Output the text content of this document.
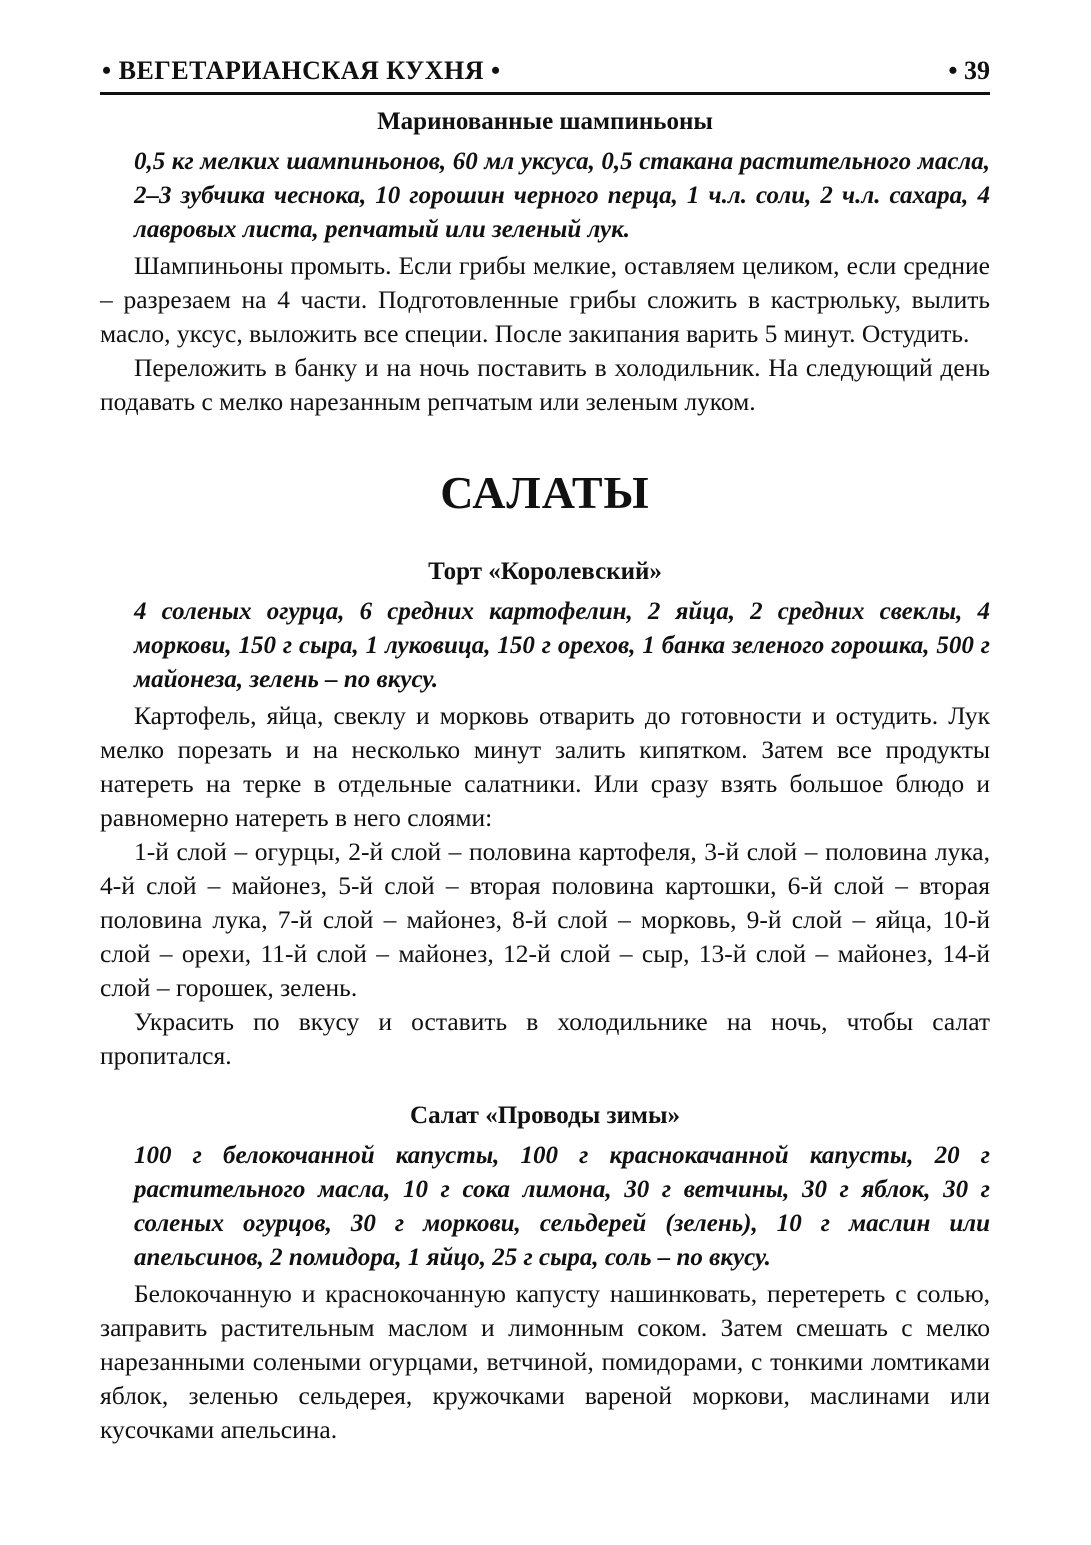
• ВЕГЕТАРИАНСКАЯ КУХНЯ •	• 39

Маринованные шампиньоны

0,5 кг мелких шампиньонов, 60 мл уксуса, 0,5 стакана растительного масла, 2–3 зубчика чеснока, 10 горошин черного перца, 1 ч.л. соли, 2 ч.л. сахара, 4 лавровых листа, репчатый или зеленый лук.

Шампиньоны промыть. Если грибы мелкие, оставляем целиком, если средние – разрезаем на 4 части. Подготовленные грибы сложить в кастрюльку, вылить масло, уксус, выложить все специи. После закипания варить 5 минут. Остудить.

Переложить в банку и на ночь поставить в холодильник. На следующий день подавать с мелко нарезанным репчатым или зеленым луком.

САЛАТЫ

Торт «Королевский»

4 соленых огурца, 6 средних картофелин, 2 яйца, 2 средних свеклы, 4 моркови, 150 г сыра, 1 луковица, 150 г орехов, 1 банка зеленого горошка, 500 г майонеза, зелень – по вкусу.

Картофель, яйца, свеклу и морковь отварить до готовности и остудить. Лук мелко порезать и на несколько минут залить кипятком. Затем все продукты натереть на терке в отдельные салатники. Или сразу взять большое блюдо и равномерно натереть в него слоями:

1-й слой – огурцы, 2-й слой – половина картофеля, 3-й слой – половина лука, 4-й слой – майонез, 5-й слой – вторая половина картошки, 6-й слой – вторая половина лука, 7-й слой – майонез, 8-й слой – морковь, 9-й слой – яйца, 10-й слой – орехи, 11-й слой – майонез, 12-й слой – сыр, 13-й слой – майонез, 14-й слой – горошек, зелень.

Украсить по вкусу и оставить в холодильнике на ночь, чтобы салат пропитался.

Салат «Проводы зимы»

100 г белокочанной капусты, 100 г краснокачанной капусты, 20 г растительного масла, 10 г сока лимона, 30 г ветчины, 30 г яблок, 30 г соленых огурцов, 30 г моркови, сельдерей (зелень), 10 г маслин или апельсинов, 2 помидора, 1 яйцо, 25 г сыра, соль – по вкусу.

Белокочанную и краснокочанную капусту нашинковать, перетереть с солью, заправить растительным маслом и лимонным соком. Затем смешать с мелко нарезанными солеными огурцами, ветчиной, помидорами, с тонкими ломтиками яблок, зеленью сельдерея, кружочками вареной моркови, маслинами или кусочками апельсина.
